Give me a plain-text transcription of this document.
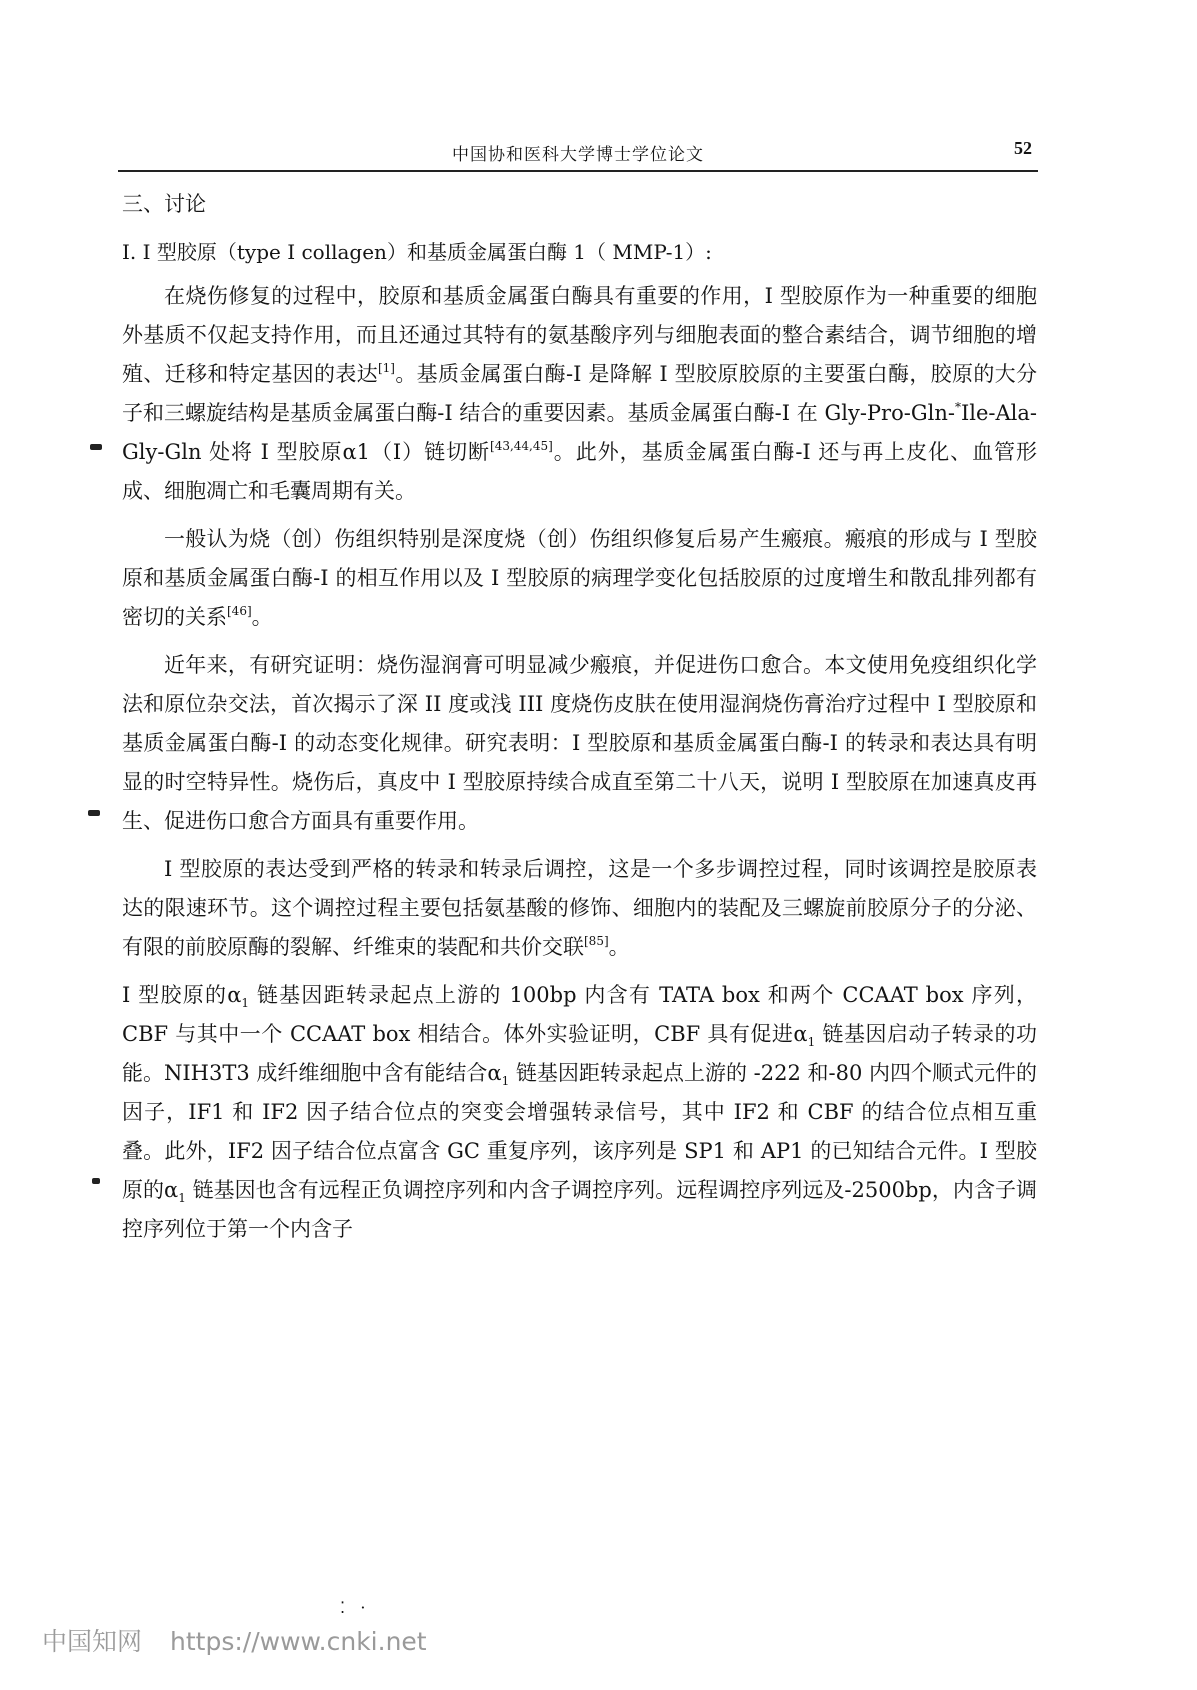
中国协和医科大学博士学位论文	52
三、讨论
I. I 型胶原（type I collagen）和基质金属蛋白酶 1（ MMP-1）:

在烧伤修复的过程中，胶原和基质金属蛋白酶具有重要的作用，I 型胶原作为一种重要的细胞外基质不仅起支持作用，而且还通过其特有的氨基酸序列与细胞表面的整合素结合，调节细胞的增殖、迁移和特定基因的表达[1]。基质金属蛋白酶-I 是降解 I 型胶原胶原的主要蛋白酶，胶原的大分子和三螺旋结构是基质金属蛋白酶-I 结合的重要因素。基质金属蛋白酶-I 在 Gly-Pro-Gln-*Ile-Ala-Gly-Gln 处将 I 型胶原α1（I）链切断[43,44,45]。此外，基质金属蛋白酶-I 还与再上皮化、血管形成、细胞凋亡和毛囊周期有关。

一般认为烧（创）伤组织特别是深度烧（创）伤组织修复后易产生瘢痕。瘢痕的形成与 I 型胶原和基质金属蛋白酶-I 的相互作用以及 I 型胶原的病理学变化包括胶原的过度增生和散乱排列都有密切的关系[46]。

近年来，有研究证明：烧伤湿润膏可明显减少瘢痕，并促进伤口愈合。本文使用免疫组织化学法和原位杂交法，首次揭示了深 II 度或浅 III 度烧伤皮肤在使用湿润烧伤膏治疗过程中 I 型胶原和基质金属蛋白酶-I 的动态变化规律。研究表明：I 型胶原和基质金属蛋白酶-I 的转录和表达具有明显的时空特异性。烧伤后，真皮中 I 型胶原持续合成直至第二十八天，说明 I 型胶原在加速真皮再生、促进伤口愈合方面具有重要作用。

I 型胶原的表达受到严格的转录和转录后调控，这是一个多步调控过程，同时该调控是胶原表达的限速环节。这个调控过程主要包括氨基酸的修饰、细胞内的装配及三螺旋前胶原分子的分泌、有限的前胶原酶的裂解、纤维束的装配和共价交联[85]。

I 型胶原的$\alpha_1$ 链基因距转录起点上游的 100bp 内含有 TATA box 和两个 CCAAT box 序列，CBF 与其中一个 CCAAT box 相结合。体外实验证明，CBF 具有促进$\alpha_1$ 链基因启动子转录的功能。NIH3T3 成纤维细胞中含有能结合$\alpha_1$ 链基因距转录起点上游的 -222 和-80 内四个顺式元件的因子，IF1 和 IF2 因子结合位点的突变会增强转录信号，其中 IF2 和 CBF 的结合位点相互重叠。此外，IF2 因子结合位点富含 GC 重复序列，该序列是 SP1 和 AP1 的已知结合元件。I 型胶原的$\alpha_1$ 链基因也含有远程正负调控序列和内含子调控序列。远程调控序列远及-2500bp，内含子调控序列位于第一个内含子

⁚   ·
中国知网 https://www.cnki.net
